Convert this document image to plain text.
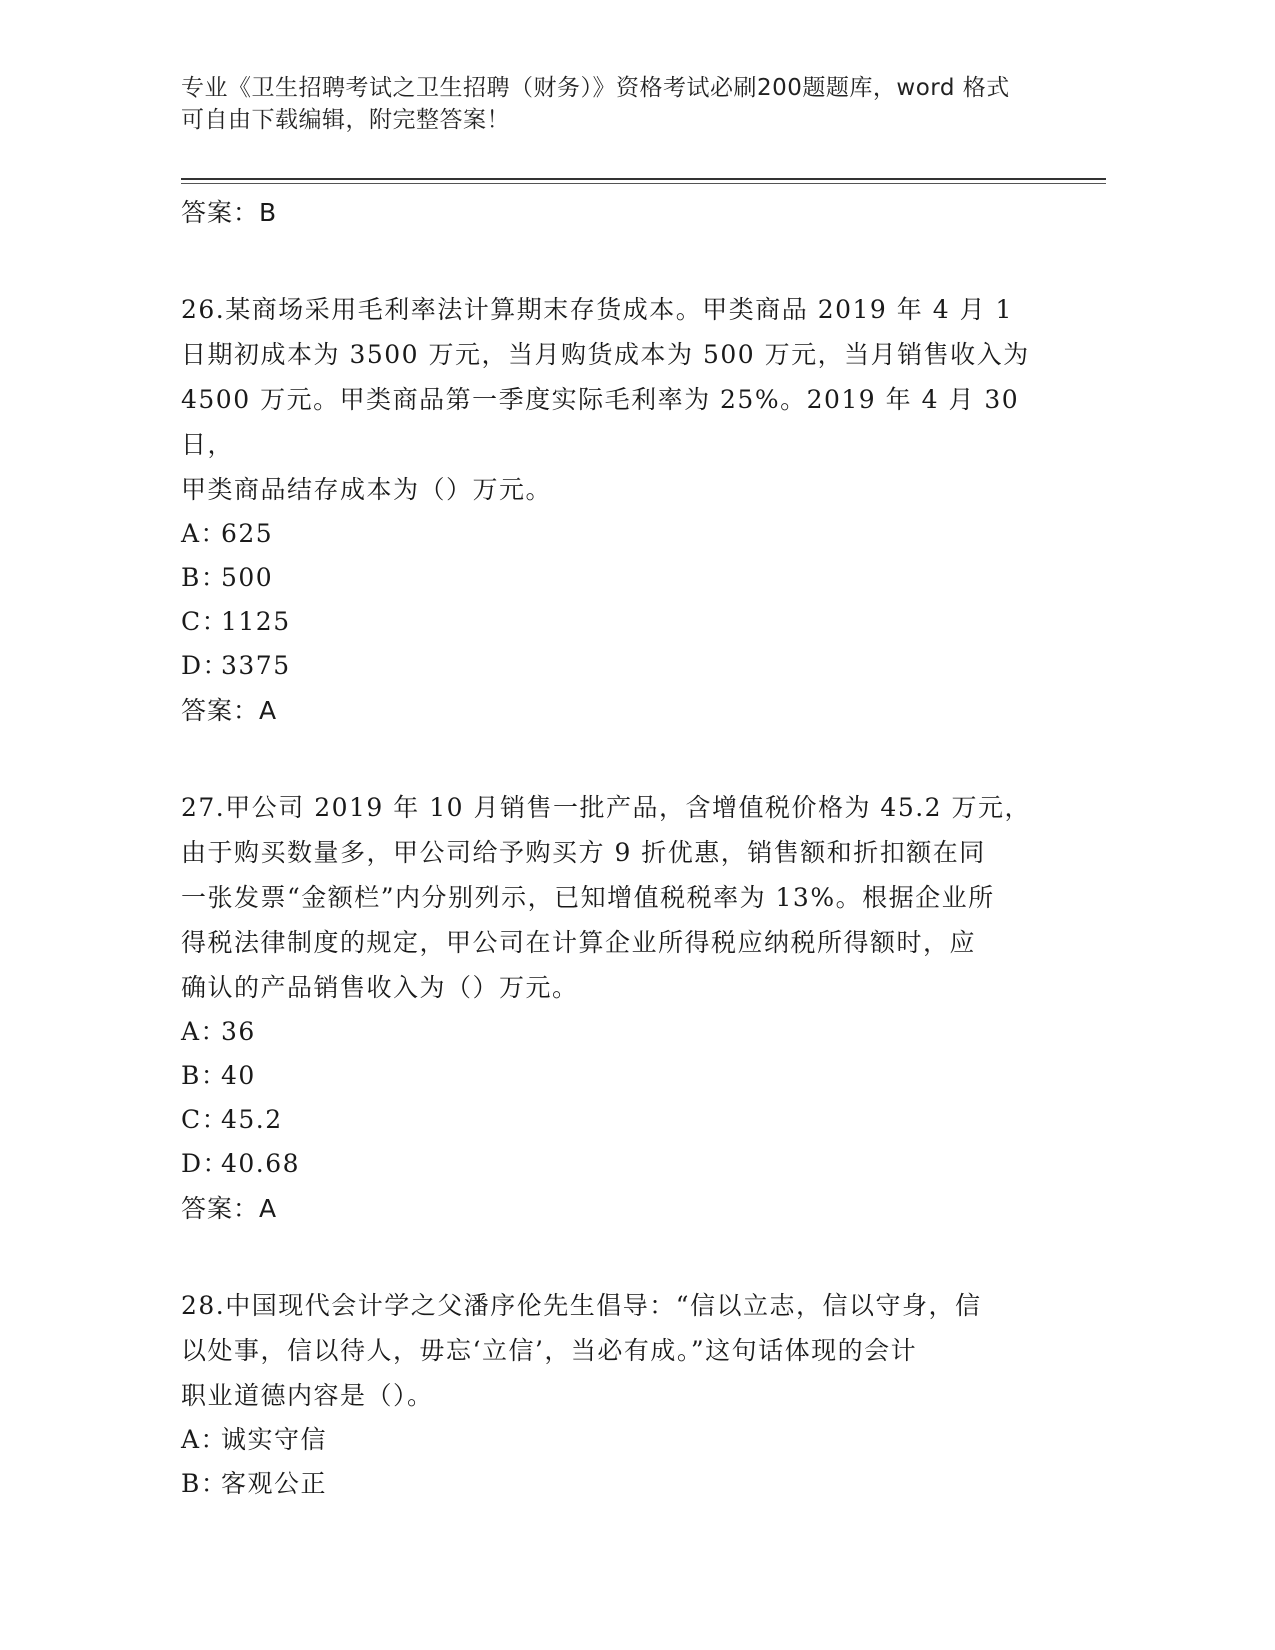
专业《卫生招聘考试之卫生招聘（财务）》资格考试必刷200题题库，word 格式
可自由下载编辑，附完整答案！
答案：B
26.某商场采用毛利率法计算期末存货成本。甲类商品 2019 年 4 月 1
日期初成本为 3500 万元，当月购货成本为 500 万元，当月销售收入为
4500 万元。甲类商品第一季度实际毛利率为 25%。2019 年 4 月 30 日，
甲类商品结存成本为（）万元。
A：625
B：500
C：1125
D：3375
答案：A
27.甲公司 2019 年 10 月销售一批产品，含增值税价格为 45.2 万元，
由于购买数量多，甲公司给予购买方 9 折优惠，销售额和折扣额在同
一张发票“金额栏”内分别列示，已知增值税税率为 13%。根据企业所
得税法律制度的规定，甲公司在计算企业所得税应纳税所得额时，应
确认的产品销售收入为（）万元。
A：36
B：40
C：45.2
D：40.68
答案：A
28.中国现代会计学之父潘序伦先生倡导：“信以立志，信以守身，信
以处事，信以待人，毋忘‘立信’，当必有成。”这句话体现的会计
职业道德内容是（）。
A：诚实守信
B：客观公正
